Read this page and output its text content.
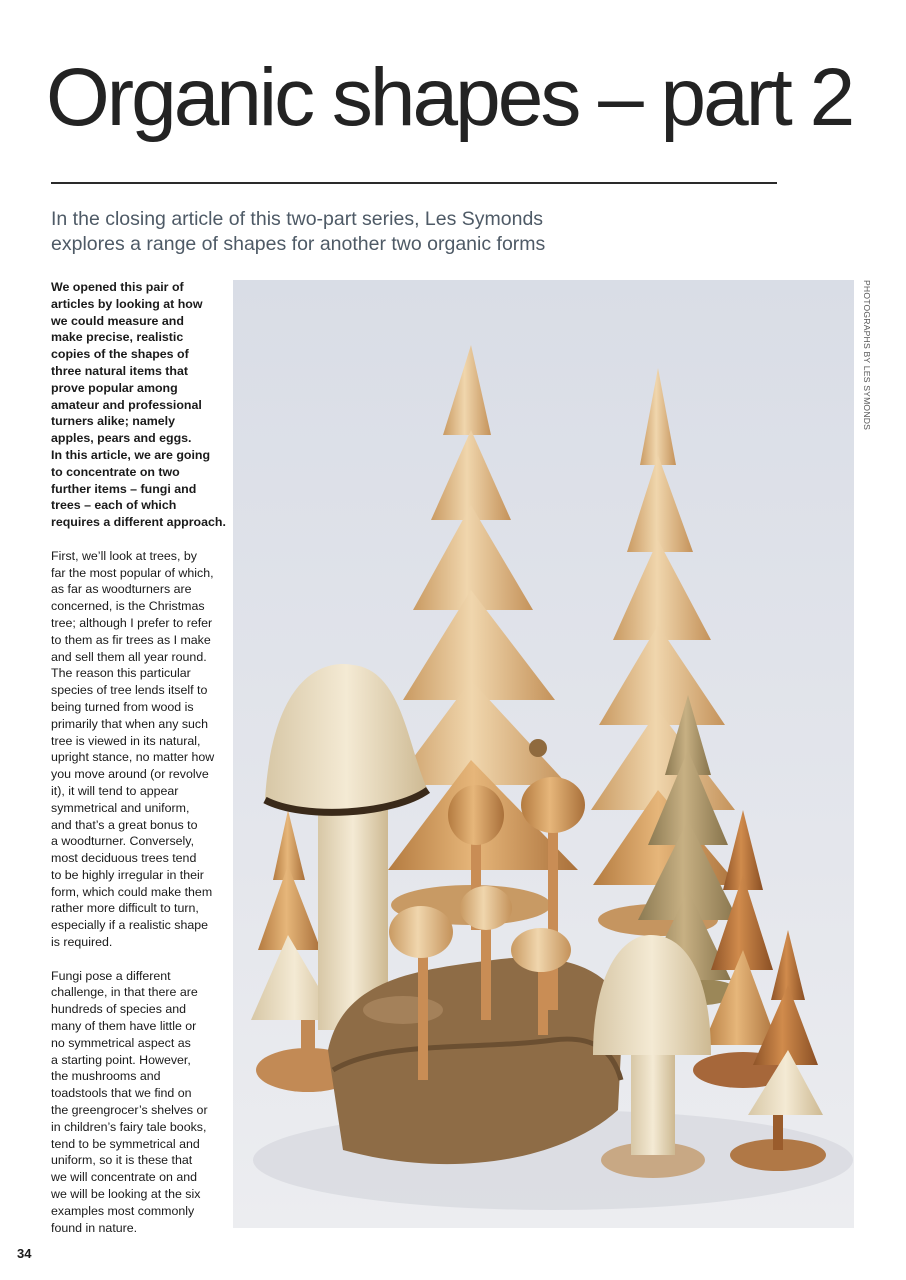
Organic shapes – part 2
In the closing article of this two-part series, Les Symonds
explores a range of shapes for another two organic forms

We opened this pair of
articles by looking at how
we could measure and
make precise, realistic
copies of the shapes of
three natural items that
prove popular among
amateur and professional
turners alike; namely
apples, pears and eggs.
In this article, we are going
to concentrate on two
further items – fungi and
trees – each of which
requires a different approach.

First, we’ll look at trees, by
far the most popular of which,
as far as woodturners are
concerned, is the Christmas
tree; although I prefer to refer
to them as fir trees as I make
and sell them all year round.
The reason this particular
species of tree lends itself to
being turned from wood is
primarily that when any such
tree is viewed in its natural,
upright stance, no matter how
you move around (or revolve
it), it will tend to appear
symmetrical and uniform,
and that’s a great bonus to
a woodturner. Conversely,
most deciduous trees tend
to be highly irregular in their
form, which could make them
rather more difficult to turn,
especially if a realistic shape
is required.

Fungi pose a different
challenge, in that there are
hundreds of species and
many of them have little or
no symmetrical aspect as
a starting point. However,
the mushrooms and
toadstools that we find on
the greengrocer’s shelves or
in children’s fairy tale books,
tend to be symmetrical and
uniform, so it is these that
we will concentrate on and
we will be looking at the six
examples most commonly
found in nature.

PHOTOGRAPHS BY LES SYMONDS
34
